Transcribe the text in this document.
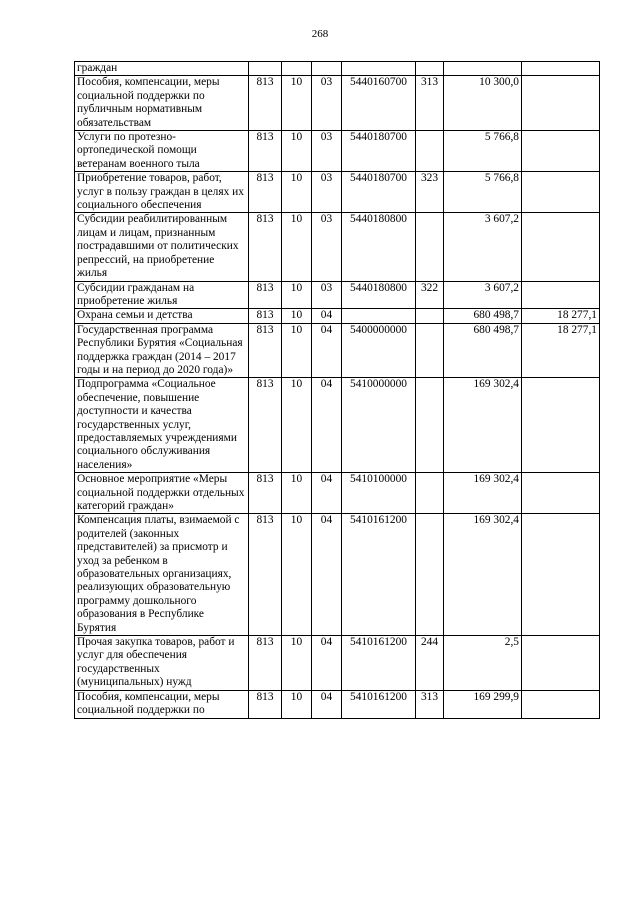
268
граждан							
Пособия, компенсации, меры социальной поддержки по публичным нормативным обязательствам	813	10	03	5440160700	313	10 300,0	
Услуги по протезно-ортопедической помощи ветеранам военного тыла	813	10	03	5440180700		5 766,8	
Приобретение товаров, работ, услуг в пользу граждан в целях их социального обеспечения	813	10	03	5440180700	323	5 766,8	
Субсидии реабилитированным лицам и лицам, признанным пострадавшими от политических репрессий, на приобретение жилья	813	10	03	5440180800		3 607,2	
Субсидии гражданам на приобретение жилья	813	10	03	5440180800	322	3 607,2	
Охрана семьи и детства	813	10	04			680 498,7	18 277,1
Государственная программа Республики Бурятия «Социальная поддержка граждан (2014 – 2017 годы и на период до 2020 года)»	813	10	04	5400000000		680 498,7	18 277,1
Подпрограмма «Социальное обеспечение, повышение доступности и качества государственных услуг, предоставляемых учреждениями социального обслуживания населения»	813	10	04	5410000000		169 302,4	
Основное мероприятие «Меры социальной поддержки отдельных категорий граждан»	813	10	04	5410100000		169 302,4	
Компенсация платы, взимаемой с родителей (законных представителей) за присмотр и уход за ребенком в образовательных организациях, реализующих образовательную программу дошкольного образования в Республике Бурятия	813	10	04	5410161200		169 302,4	
Прочая закупка товаров, работ и услуг для обеспечения государственных (муниципальных) нужд	813	10	04	5410161200	244	2,5	
Пособия, компенсации, меры социальной поддержки по	813	10	04	5410161200	313	169 299,9	
